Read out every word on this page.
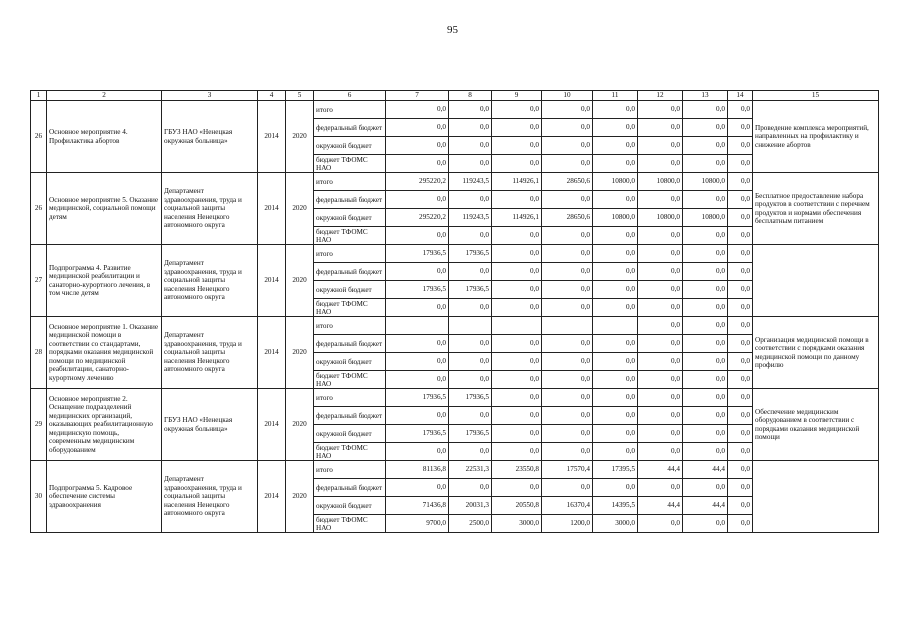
95
1	2	3	4	5	6	7	8	9	10	11	12	13	14	15
26	Основное мероприятие 4. Профилактика абортов	ГБУЗ НАО «Ненецкая окружная больница»	2014	2020	итого	0,0	0,0	0,0	0,0	0,0	0,0	0,0	0,0	Проведение комплекса мероприятий, направленных на профилактику и снижение абортов
					федеральный бюджет	0,0	0,0	0,0	0,0	0,0	0,0	0,0	0,0	
					окружной бюджет	0,0	0,0	0,0	0,0	0,0	0,0	0,0	0,0	
					бюджет ТФОМС НАО	0,0	0,0	0,0	0,0	0,0	0,0	0,0	0,0	
26	Основное мероприятие 5. Оказание медицинской, социальной помощи детям	Департамент здравоохранения, труда и социальной защиты населения Ненецкого автономного округа	2014	2020	итого	295220,2	119243,5	114926,1	28650,6	10800,0	10800,0	10800,0	0,0	Бесплатное предоставление набора продуктов в соответствии с перечнем продуктов и нормами обеспечения бесплатным питанием
					федеральный бюджет	0,0	0,0	0,0	0,0	0,0	0,0	0,0	0,0	
					окружной бюджет	295220,2	119243,5	114926,1	28650,6	10800,0	10800,0	10800,0	0,0	
					бюджет ТФОМС НАО	0,0	0,0	0,0	0,0	0,0	0,0	0,0	0,0	
27	Подпрограмма 4. Развитие медицинской реабилитации и санаторно-курортного лечения, в том числе детям	Департамент здравоохранения, труда и социальной защиты населения Ненецкого автономного округа	2014	2020	итого	17936,5	17936,5	0,0	0,0	0,0	0,0	0,0	0,0	
					федеральный бюджет	0,0	0,0	0,0	0,0	0,0	0,0	0,0	0,0	
					окружной бюджет	17936,5	17936,5	0,0	0,0	0,0	0,0	0,0	0,0	
					бюджет ТФОМС НАО	0,0	0,0	0,0	0,0	0,0	0,0	0,0	0,0	
28	Основное мероприятие 1. Оказание медицинской помощи в соответствии со стандартами, порядками оказания медицинской помощи по медицинской реабилитации, санаторно-курортному лечению	Департамент здравоохранения, труда и социальной защиты населения Ненецкого автономного округа	2014	2020	итого						0,0	0,0	0,0	Организация медицинской помощи в соответствии с порядками оказания медицинской помощи по данному профилю
					федеральный бюджет	0,0	0,0	0,0	0,0	0,0	0,0	0,0	0,0	
					окружной бюджет	0,0	0,0	0,0	0,0	0,0	0,0	0,0	0,0	
					бюджет ТФОМС НАО	0,0	0,0	0,0	0,0	0,0	0,0	0,0	0,0	
29	Основное мероприятие 2. Оснащение подразделений медицинских организаций, оказывающих реабилитационную медицинскую помощь, современным медицинским оборудованием	ГБУЗ НАО «Ненецкая окружная больница»	2014	2020	итого	17936,5	17936,5	0,0	0,0	0,0	0,0	0,0	0,0	Обеспечение медицинским оборудованием в соответствии с порядками оказания медицинской помощи
					федеральный бюджет	0,0	0,0	0,0	0,0	0,0	0,0	0,0	0,0	
					окружной бюджет	17936,5	17936,5	0,0	0,0	0,0	0,0	0,0	0,0	
					бюджет ТФОМС НАО	0,0	0,0	0,0	0,0	0,0	0,0	0,0	0,0	
30	Подпрограмма 5. Кадровое обеспечение системы здравоохранения	Департамент здравоохранения, труда и социальной защиты населения Ненецкого автономного округа	2014	2020	итого	81136,8	22531,3	23550,8	17570,4	17395,5	44,4	44,4	0,0	
					федеральный бюджет	0,0	0,0	0,0	0,0	0,0	0,0	0,0	0,0	
					окружной бюджет	71436,8	20031,3	20550,8	16370,4	14395,5	44,4	44,4	0,0	
					бюджет ТФОМС НАО	9700,0	2500,0	3000,0	1200,0	3000,0	0,0	0,0	0,0	
